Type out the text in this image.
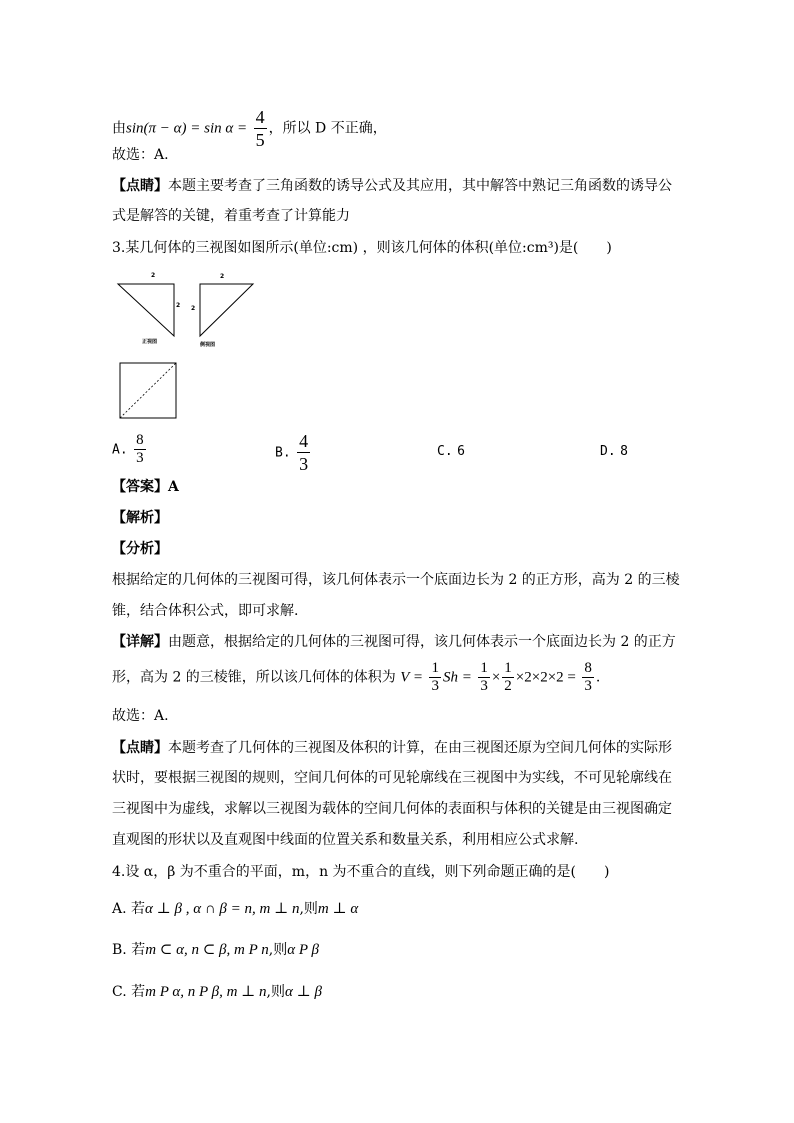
由$\sin(\pi - \alpha) = \sin \alpha = \frac{4}{5}$ ，所以 D 不正确，
故选：A.
【点睛】本题主要考查了三角函数的诱导公式及其应用，其中解答中熟记三角函数的诱导公
式是解答的关键，着重考查了计算能力
3.某几何体的三视图如图所示(单位:cm) ，则该几何体的体积(单位:cm³)是(　　)
2
2
2
2
正视图	侧视图
A. $\frac{8}{3}$	B. $\frac{4}{3}$	C. 6	D. 8
【答案】A
【解析】
【分析】
根据给定的几何体的三视图可得，该几何体表示一个底面边长为 2 的正方形，高为 2 的三棱
锥，结合体积公式，即可求解.
【详解】由题意，根据给定的几何体的三视图可得，该几何体表示一个底面边长为 2 的正方
形，高为 2 的三棱锥，所以该几何体的体积为 $V = \frac{1}{3}$ $Sh = \frac{1}{3} \times \frac{1}{2} \times 2\times 2\times 2 = \frac{8}{3}$ .
故选：A.
【点睛】本题考查了几何体的三视图及体积的计算，在由三视图还原为空间几何体的实际形
状时，要根据三视图的规则，空间几何体的可见轮廓线在三视图中为实线，不可见轮廓线在
三视图中为虚线，求解以三视图为载体的空间几何体的表面积与体积的关键是由三视图确定
直观图的形状以及直观图中线面的位置关系和数量关系，利用相应公式求解.
4.设 α，β 为不重合的平面，m，n 为不重合的直线，则下列命题正确的是(　　)
A. 若α ⊥ β , α ∩ β = n, m ⊥ n,则m ⊥ α
B. 若m ⊂ α, n ⊂ β, m P n,则α P β
C. 若m P α, n P β, m ⊥ n,则α ⊥ β
